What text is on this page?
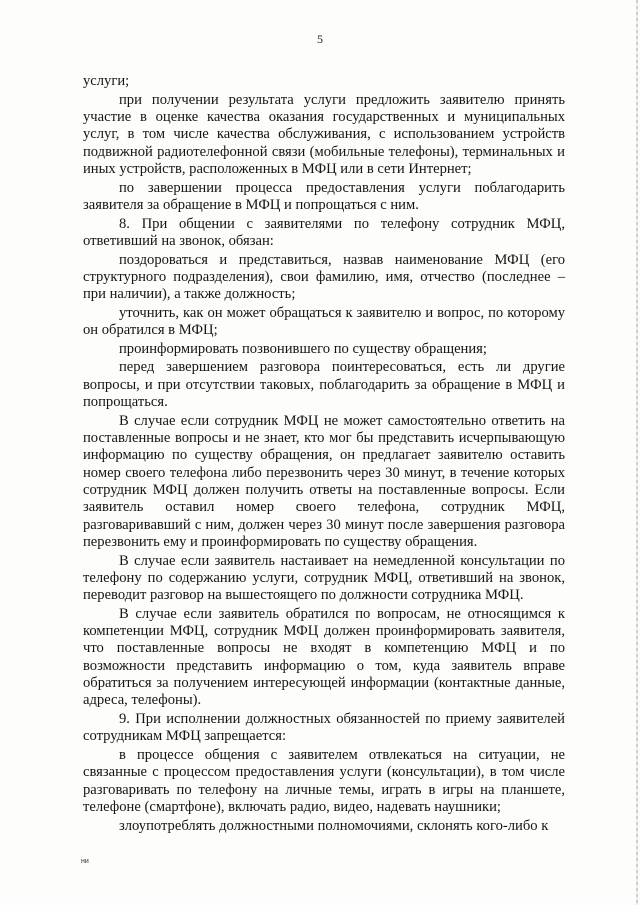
5

услуги;

при получении результата услуги предложить заявителю принять участие в оценке качества оказания государственных и муниципальных услуг, в том числе качества обслуживания, с использованием устройств подвижной радиотелефонной связи (мобильные телефоны), терминальных и иных устройств, расположенных в МФЦ или в сети Интернет;

по завершении процесса предоставления услуги поблагодарить заявителя за обращение в МФЦ и попрощаться с ним.

8. При общении с заявителями по телефону сотрудник МФЦ, ответивший на звонок, обязан:

поздороваться и представиться, назвав наименование МФЦ (его структурного подразделения), свои фамилию, имя, отчество (последнее – при наличии), а также должность;

уточнить, как он может обращаться к заявителю и вопрос, по которому он обратился в МФЦ;

проинформировать позвонившего по существу обращения;

перед завершением разговора поинтересоваться, есть ли другие вопросы, и при отсутствии таковых, поблагодарить за обращение в МФЦ и попрощаться.

В случае если сотрудник МФЦ не может самостоятельно ответить на поставленные вопросы и не знает, кто мог бы представить исчерпывающую информацию по существу обращения, он предлагает заявителю оставить номер своего телефона либо перезвонить через 30 минут, в течение которых сотрудник МФЦ должен получить ответы на поставленные вопросы. Если заявитель оставил номер своего телефона, сотрудник МФЦ, разговаривавший с ним, должен через 30 минут после завершения разговора перезвонить ему и проинформировать по существу обращения.

В случае если заявитель настаивает на немедленной консультации по телефону по содержанию услуги, сотрудник МФЦ, ответивший на звонок, переводит разговор на вышестоящего по должности сотрудника МФЦ.

В случае если заявитель обратился по вопросам, не относящимся к компетенции МФЦ, сотрудник МФЦ должен проинформировать заявителя, что поставленные вопросы не входят в компетенцию МФЦ и по возможности представить информацию о том, куда заявитель вправе обратиться за получением интересующей информации (контактные данные, адреса, телефоны).

9. При исполнении должностных обязанностей по приему заявителей сотрудникам МФЦ запрещается:

в процессе общения с заявителем отвлекаться на ситуации, не связанные с процессом предоставления услуги (консультации), в том числе разговаривать по телефону на личные темы, играть в игры на планшете, телефоне (смартфоне), включать радио, видео, надевать наушники;

злоупотреблять должностными полномочиями, склонять кого-либо к

ни
